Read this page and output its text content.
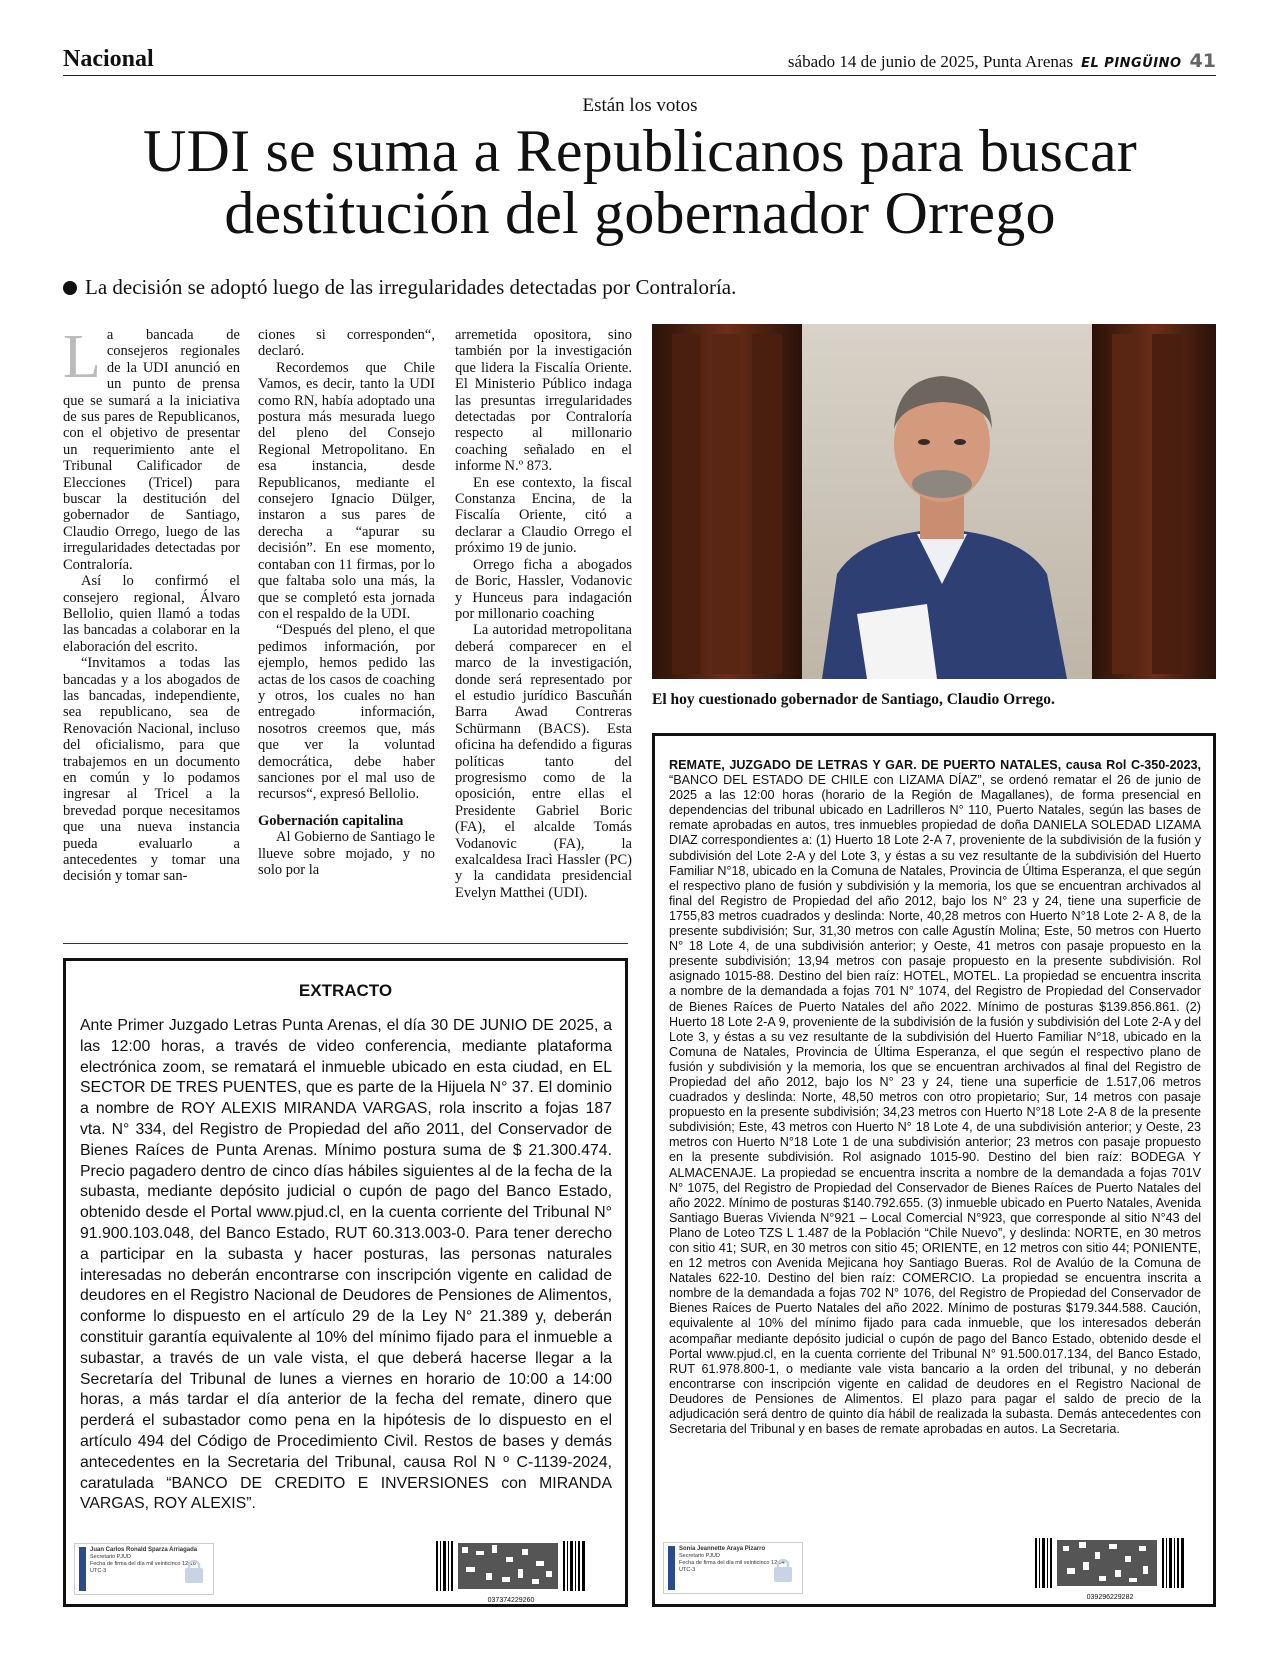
Nacional	sábado 14 de junio de 2025, Punta Arenas EL PINGÜINO 41
Están los votos
UDI se suma a Republicanos para buscar
destitución del gobernador Orrego
La decisión se adoptó luego de las irregularidades detectadas por Contraloría.
L a bancada de consejeros regionales de la UDI anunció en un punto de prensa que se sumará a la iniciativa de sus pares de Republicanos, con el objetivo de presentar un requerimiento ante el Tribunal Calificador de Elecciones (Tricel) para buscar la destitución del gobernador de Santiago, Claudio Orrego, luego de las irregularidades detectadas por Contraloría.

Así lo confirmó el consejero regional, Álvaro Bellolio, quien llamó a todas las bancadas a colaborar en la elaboración del escrito.

“Invitamos a todas las bancadas y a los abogados de las bancadas, independiente, sea republicano, sea de Renovación Nacional, incluso del oficialismo, para que trabajemos en un documento en común y lo podamos ingresar al Tricel a la brevedad porque necesitamos que una nueva instancia pueda evaluarlo a antecedentes y tomar una decisión y tomar san-

ciones si corresponden“, declaró.

Recordemos que Chile Vamos, es decir, tanto la UDI como RN, había adoptado una postura más mesurada luego del pleno del Consejo Regional Metropolitano. En esa instancia, desde Republicanos, mediante el consejero Ignacio Dülger, instaron a sus pares de derecha a “apurar su decisión”. En ese momento, contaban con 11 firmas, por lo que faltaba solo una más, la que se completó esta jornada con el respaldo de la UDI.

“Después del pleno, el que pedimos información, por ejemplo, hemos pedido las actas de los casos de coaching y otros, los cuales no han entregado información, nosotros creemos que, más que ver la voluntad democrática, debe haber sanciones por el mal uso de recursos“, expresó Bellolio.

Gobernación capitalina

Al Gobierno de Santiago le llueve sobre mojado, y no solo por la

arremetida opositora, sino también por la investigación que lidera la Fiscalía Oriente. El Ministerio Público indaga las presuntas irregularidades detectadas por Contraloría respecto al millonario coaching señalado en el informe N.º 873.

En ese contexto, la fiscal Constanza Encina, de la Fiscalía Oriente, citó a declarar a Claudio Orrego el próximo 19 de junio.

Orrego ficha a abogados de Boric, Hassler, Vodanovic y Hunceus para indagación por millonario coaching

La autoridad metropolitana deberá comparecer en el marco de la investigación, donde será representado por el estudio jurídico Bascuñán Barra Awad Contreras Schürmann (BACS). Esta oficina ha defendido a figuras políticas tanto del progresismo como de la oposición, entre ellas el Presidente Gabriel Boric (FA), el alcalde Tomás Vodanovic (FA), la exalcaldesa Iracì Hassler (PC) y la candidata presidencial Evelyn Matthei (UDI).

El hoy cuestionado gobernador de Santiago, Claudio Orrego.
EXTRACTO
Ante Primer Juzgado Letras Punta Arenas, el día 30 DE JUNIO DE 2025, a las 12:00 horas, a través de video conferencia, mediante plataforma electrónica zoom, se rematará el inmueble ubicado en esta ciudad, en EL SECTOR DE TRES PUENTES, que es parte de la Hijuela N° 37. El dominio a nombre de ROY ALEXIS MIRANDA VARGAS, rola inscrito a fojas 187 vta. N° 334, del Registro de Propiedad del año 2011, del Conservador de Bienes Raíces de Punta Arenas. Mínimo postura suma de $ 21.300.474. Precio pagadero dentro de cinco días hábiles siguientes al de la fecha de la subasta, mediante depósito judicial o cupón de pago del Banco Estado, obtenido desde el Portal www.pjud.cl, en la cuenta corriente del Tribunal N° 91.900.103.048, del Banco Estado, RUT 60.313.003-0. Para tener derecho a participar en la subasta y hacer posturas, las personas naturales interesadas no deberán encontrarse con inscripción vigente en calidad de deudores en el Registro Nacional de Deudores de Pensiones de Alimentos, conforme lo dispuesto en el artículo 29 de la Ley N° 21.389 y, deberán constituir garantía equivalente al 10% del mínimo fijado para el inmueble a subastar, a través de un vale vista, el que deberá hacerse llegar a la Secretaría del Tribunal de lunes a viernes en horario de 10:00 a 14:00 horas, a más tardar el día anterior de la fecha del remate, dinero que perderá el subastador como pena en la hipótesis de lo dispuesto en el artículo 494 del Código de Procedimiento Civil. Restos de bases y demás antecedentes en la Secretaria del Tribunal, causa Rol N º C-1139-2024, caratulada “BANCO DE CREDITO E INVERSIONES con MIRANDA VARGAS, ROY ALEXIS”.
Juan Carlos Ronald Sparza Arriagada
Secretario PJUD
Fecha de firma del día mil veinticinco 12:16
UTC-3
037374229260
REMATE, JUZGADO DE LETRAS Y GAR. DE PUERTO NATALES, causa Rol C-350-2023, “BANCO DEL ESTADO DE CHILE con LIZAMA DÍAZ”, se ordenó rematar el 26 de junio de 2025 a las 12:00 horas (horario de la Región de Magallanes), de forma presencial en dependencias del tribunal ubicado en Ladrilleros N° 110, Puerto Natales, según las bases de remate aprobadas en autos, tres inmuebles propiedad de doña DANIELA SOLEDAD LIZAMA DIAZ correspondientes a: (1) Huerto 18 Lote 2-A 7, proveniente de la subdivisión de la fusión y subdivisión del Lote 2-A y del Lote 3, y éstas a su vez resultante de la subdivisión del Huerto Familiar N°18, ubicado en la Comuna de Natales, Provincia de Última Esperanza, el que según el respectivo plano de fusión y subdivisión y la memoria, los que se encuentran archivados al final del Registro de Propiedad del año 2012, bajo los N° 23 y 24, tiene una superficie de 1755,83 metros cuadrados y deslinda: Norte, 40,28 metros con Huerto N°18 Lote 2- A 8, de la presente subdivisión; Sur, 31,30 metros con calle Agustín Molina; Este, 50 metros con Huerto N° 18 Lote 4, de una subdivisión anterior; y Oeste, 41 metros con pasaje propuesto en la presente subdivisión; 13,94 metros con pasaje propuesto en la presente subdivisión. Rol asignado 1015-88. Destino del bien raíz: HOTEL, MOTEL. La propiedad se encuentra inscrita a nombre de la demandada a fojas 701 N° 1074, del Registro de Propiedad del Conservador de Bienes Raíces de Puerto Natales del año 2022. Mínimo de posturas $139.856.861. (2) Huerto 18 Lote 2-A 9, proveniente de la subdivisión de la fusión y subdivisión del Lote 2-A y del Lote 3, y éstas a su vez resultante de la subdivisión del Huerto Familiar N°18, ubicado en la Comuna de Natales, Provincia de Última Esperanza, el que según el respectivo plano de fusión y subdivisión y la memoria, los que se encuentran archivados al final del Registro de Propiedad del año 2012, bajo los N° 23 y 24, tiene una superficie de 1.517,06 metros cuadrados y deslinda: Norte, 48,50 metros con otro propietario; Sur, 14 metros con pasaje propuesto en la presente subdivisión; 34,23 metros con Huerto N°18 Lote 2-A 8 de la presente subdivisión; Este, 43 metros con Huerto N° 18 Lote 4, de una subdivisión anterior; y Oeste, 23 metros con Huerto N°18 Lote 1 de una subdivisión anterior; 23 metros con pasaje propuesto en la presente subdivisión. Rol asignado 1015-90. Destino del bien raíz: BODEGA Y ALMACENAJE. La propiedad se encuentra inscrita a nombre de la demandada a fojas 701V N° 1075, del Registro de Propiedad del Conservador de Bienes Raíces de Puerto Natales del año 2022. Mínimo de posturas $140.792.655. (3) inmueble ubicado en Puerto Natales, Avenida Santiago Bueras Vivienda N°921 – Local Comercial N°923, que corresponde al sitio N°43 del Plano de Loteo TZS L 1.487 de la Población “Chile Nuevo”, y deslinda: NORTE, en 30 metros con sitio 41; SUR, en 30 metros con sitio 45; ORIENTE, en 12 metros con sitio 44; PONIENTE, en 12 metros con Avenida Mejicana hoy Santiago Bueras. Rol de Avalúo de la Comuna de Natales 622-10. Destino del bien raíz: COMERCIO. La propiedad se encuentra inscrita a nombre de la demandada a fojas 702 N° 1076, del Registro de Propiedad del Conservador de Bienes Raíces de Puerto Natales del año 2022. Mínimo de posturas $179.344.588. Caución, equivalente al 10% del mínimo fijado para cada inmueble, que los interesados deberán acompañar mediante depósito judicial o cupón de pago del Banco Estado, obtenido desde el Portal www.pjud.cl, en la cuenta corriente del Tribunal N° 91.500.017.134, del Banco Estado, RUT 61.978.800-1, o mediante vale vista bancario a la orden del tribunal, y no deberán encontrarse con inscripción vigente en calidad de deudores en el Registro Nacional de Deudores de Pensiones de Alimentos. El plazo para pagar el saldo de precio de la adjudicación será dentro de quinto día hábil de realizada la subasta. Demás antecedentes con Secretaria del Tribunal y en bases de remate aprobadas en autos. La Secretaria.
Sonia Jeannette Araya Pizarro
Secretario PJUD
Fecha de firma del día mil veinticinco 12:34
UTC-3
039296229282
